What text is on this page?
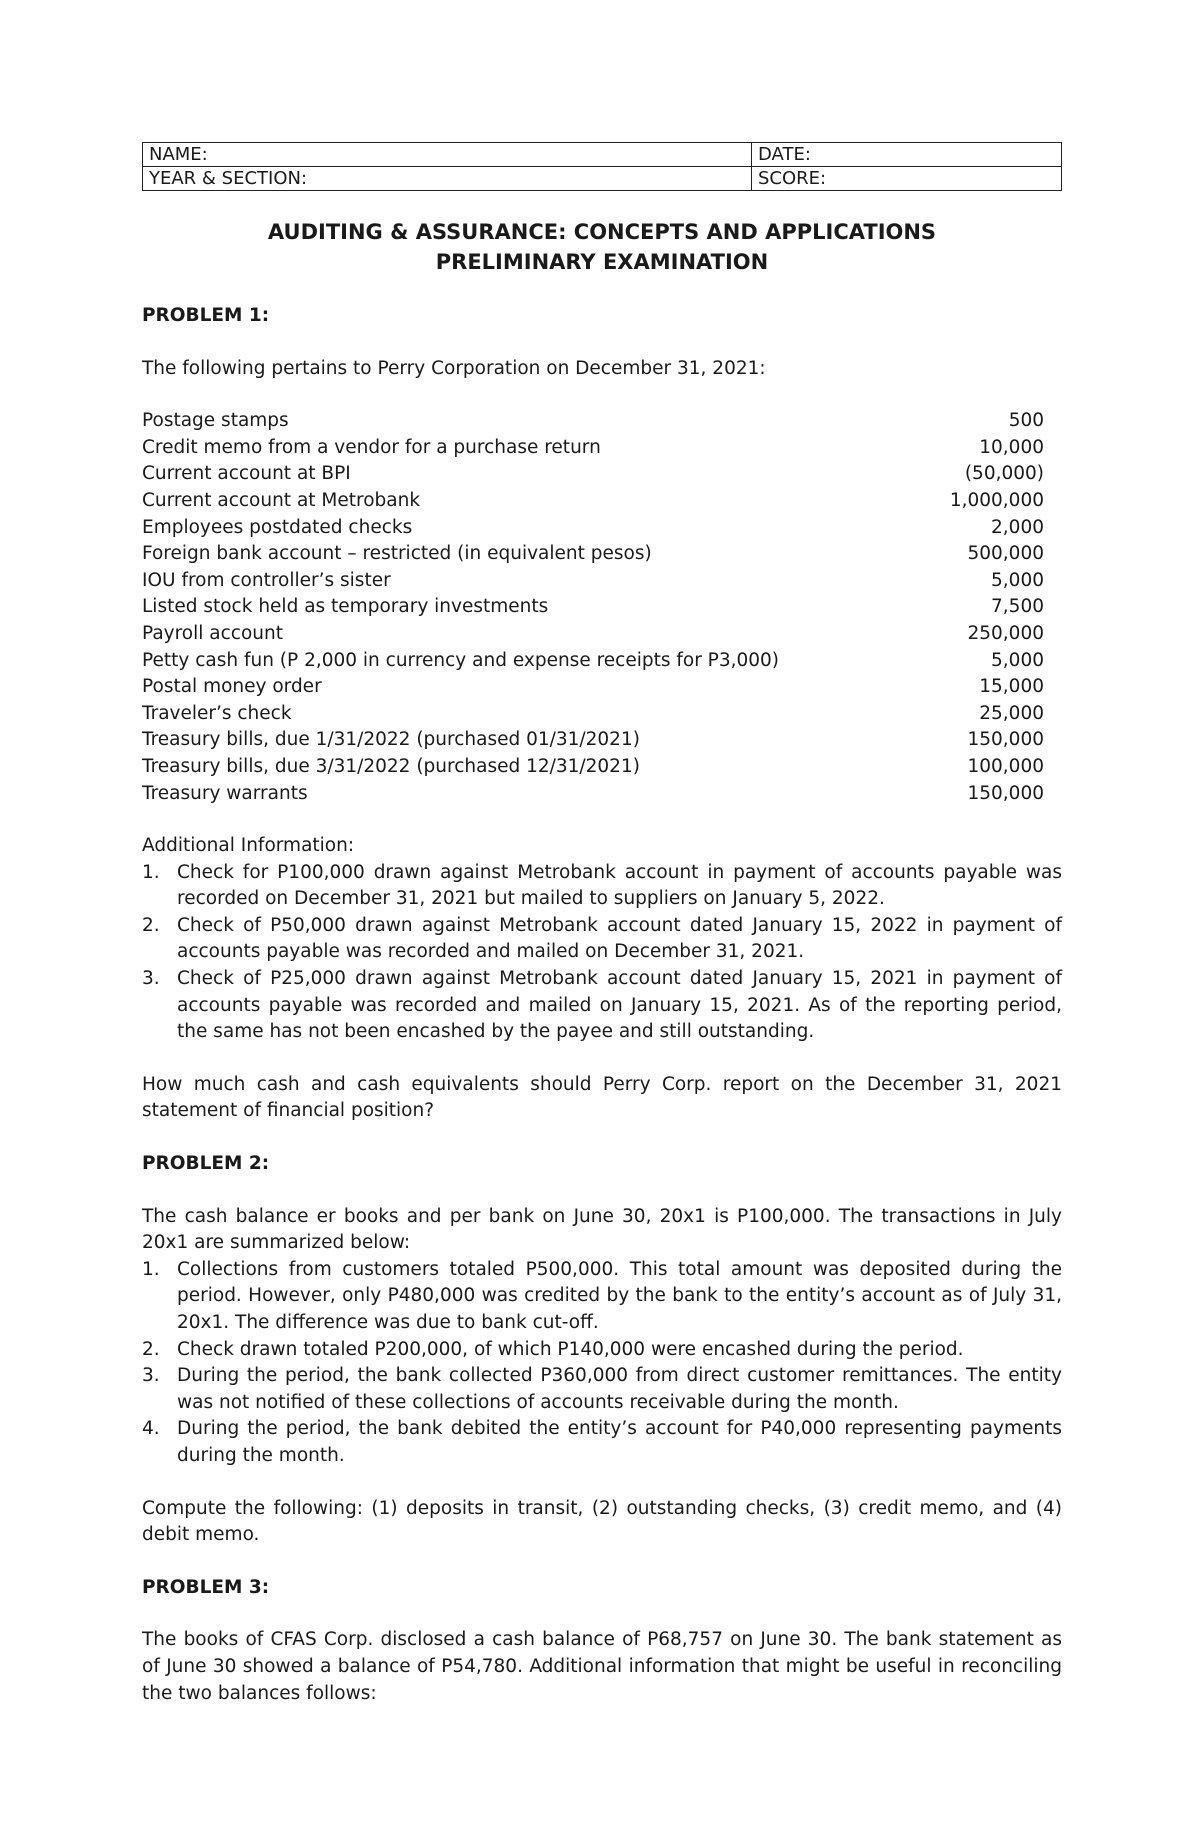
NAME:	DATE:
YEAR & SECTION:	SCORE:
AUDITING & ASSURANCE: CONCEPTS AND APPLICATIONS
PRELIMINARY EXAMINATION
PROBLEM 1:
The following pertains to Perry Corporation on December 31, 2021:
Postage stamps	500
Credit memo from a vendor for a purchase return	10,000
Current account at BPI	(50,000)
Current account at Metrobank	1,000,000
Employees postdated checks	2,000
Foreign bank account – restricted (in equivalent pesos)	500,000
IOU from controller’s sister	5,000
Listed stock held as temporary investments	7,500
Payroll account	250,000
Petty cash fun (P 2,000 in currency and expense receipts for P3,000)	5,000
Postal money order	15,000
Traveler’s check	25,000
Treasury bills, due 1/31/2022 (purchased 01/31/2021)	150,000
Treasury bills, due 3/31/2022 (purchased 12/31/2021)	100,000
Treasury warrants	150,000
Additional Information:
1. Check for P100,000 drawn against Metrobank account in payment of accounts payable was recorded on December 31, 2021 but mailed to suppliers on January 5, 2022.
2. Check of P50,000 drawn against Metrobank account dated January 15, 2022 in payment of accounts payable was recorded and mailed on December 31, 2021.
3. Check of P25,000 drawn against Metrobank account dated January 15, 2021 in payment of accounts payable was recorded and mailed on January 15, 2021. As of the reporting period, the same has not been encashed by the payee and still outstanding.
How much cash and cash equivalents should Perry Corp. report on the December 31, 2021 statement of financial position?
PROBLEM 2:
The cash balance er books and per bank on June 30, 20x1 is P100,000. The transactions in July 20x1 are summarized below:
1. Collections from customers totaled P500,000. This total amount was deposited during the period. However, only P480,000 was credited by the bank to the entity’s account as of July 31, 20x1. The difference was due to bank cut-off.
2. Check drawn totaled P200,000, of which P140,000 were encashed during the period.
3. During the period, the bank collected P360,000 from direct customer remittances. The entity was not notified of these collections of accounts receivable during the month.
4. During the period, the bank debited the entity’s account for P40,000 representing payments during the month.
Compute the following: (1) deposits in transit, (2) outstanding checks, (3) credit memo, and (4) debit memo.
PROBLEM 3:
The books of CFAS Corp. disclosed a cash balance of P68,757 on June 30. The bank statement as of June 30 showed a balance of P54,780. Additional information that might be useful in reconciling the two balances follows:
